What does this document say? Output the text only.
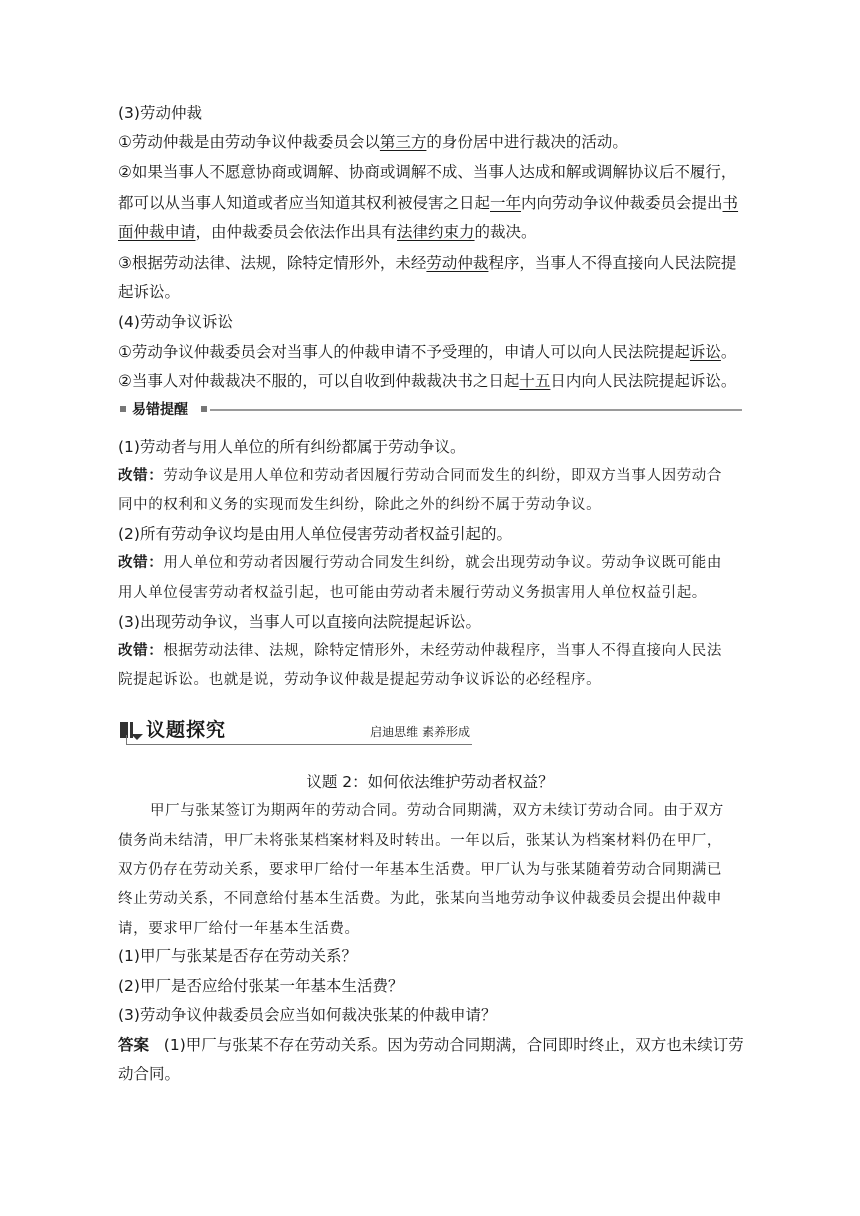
(3)劳动仲裁
①劳动仲裁是由劳动争议仲裁委员会以第三方的身份居中进行裁决的活动。
②如果当事人不愿意协商或调解、协商或调解不成、当事人达成和解或调解协议后不履行，
都可以从当事人知道或者应当知道其权利被侵害之日起一年内向劳动争议仲裁委员会提出书
面仲裁申请，由仲裁委员会依法作出具有法律约束力的裁决。
③根据劳动法律、法规，除特定情形外，未经劳动仲裁程序，当事人不得直接向人民法院提
起诉讼。
(4)劳动争议诉讼
①劳动争议仲裁委员会对当事人的仲裁申请不予受理的，申请人可以向人民法院提起诉讼。
②当事人对仲裁裁决不服的，可以自收到仲裁裁决书之日起十五日内向人民法院提起诉讼。
易错提醒
(1)劳动者与用人单位的所有纠纷都属于劳动争议。
改错：劳动争议是用人单位和劳动者因履行劳动合同而发生的纠纷，即双方当事人因劳动合
同中的权利和义务的实现而发生纠纷，除此之外的纠纷不属于劳动争议。
(2)所有劳动争议均是由用人单位侵害劳动者权益引起的。
改错：用人单位和劳动者因履行劳动合同发生纠纷，就会出现劳动争议。劳动争议既可能由
用人单位侵害劳动者权益引起，也可能由劳动者未履行劳动义务损害用人单位权益引起。
(3)出现劳动争议，当事人可以直接向法院提起诉讼。
改错：根据劳动法律、法规，除特定情形外，未经劳动仲裁程序，当事人不得直接向人民法
院提起诉讼。也就是说，劳动争议仲裁是提起劳动争议诉讼的必经程序。
议题探究	启迪思维 素养形成
议题 2：如何依法维护劳动者权益？
甲厂与张某签订为期两年的劳动合同。劳动合同期满，双方未续订劳动合同。由于双方
债务尚未结清，甲厂未将张某档案材料及时转出。一年以后，张某认为档案材料仍在甲厂，
双方仍存在劳动关系，要求甲厂给付一年基本生活费。甲厂认为与张某随着劳动合同期满已
终止劳动关系，不同意给付基本生活费。为此，张某向当地劳动争议仲裁委员会提出仲裁申
请，要求甲厂给付一年基本生活费。
(1)甲厂与张某是否存在劳动关系？
(2)甲厂是否应给付张某一年基本生活费？
(3)劳动争议仲裁委员会应当如何裁决张某的仲裁申请？
答案 (1)甲厂与张某不存在劳动关系。因为劳动合同期满，合同即时终止，双方也未续订劳
动合同。
